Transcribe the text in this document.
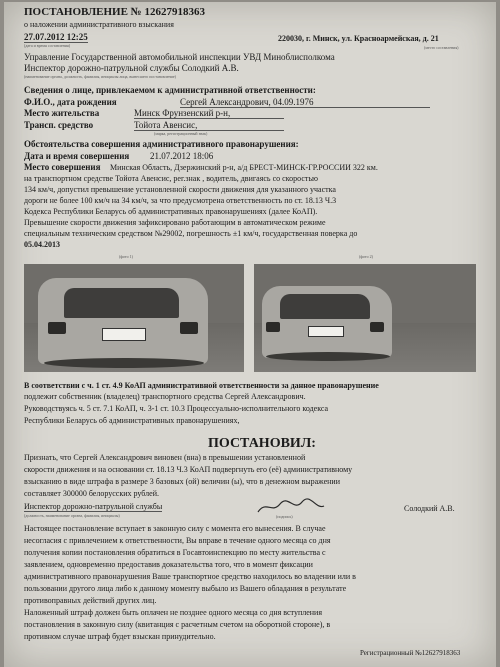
ПОСТАНОВЛЕНИЕ № 12627918363
о наложении административного взыскания
27.07.2012 12:25
(дата и время составления)
220030, г. Минск, ул. Красноармейская, д. 21
(место составления)
Управление Государственной автомобильной инспекции УВД Миноблисполкома
Инспектор дорожно-патрульной службы Солодкий А.В.
(наименование органа, должность, фамилия, инициалы лица, вынесшего постановление)
Сведения о лице, привлекаемом к административной ответственности:
Ф.И.О., дата рождения	Сергей Александрович, 04.09.1976
Место жительства	Минск Фрунзенский р-н,
Трансп. средство	Тойота Авенсис,
(марка, регистрационный знак)
Обстоятельства совершения административного правонарушения:
Дата и время совершения 21.07.2012 18:06
Место совершения Минская Область, Дзержинский р-н, а/д БРЕСТ-МИНСК-ГР.РОССИИ 322 км.
на транспортном средстве Тойота Авенсис, рег.знак , водитель, двигаясь со скоростью
134 км/ч, допустил превышение установленной скорости движения для указанного участка
дороги не более 100 км/ч на 34 км/ч, за что предусмотрена ответственность по ст. 18.13 Ч.3
Кодекса Республики Беларусь об административных правонарушениях (далее КоАП).
Превышение скорости движения зафиксировано работающим в автоматическом режиме
специальным техническим средством №29002, погрешность ±1 км/ч, государственная поверка до
05.04.2013
(фото 1)	(фото 2)
В соответствии с ч. 1 ст. 4.9 КоАП административной ответственности за данное правонарушение
подлежит собственник (владелец) транспортного средства Сергей Александрович.
Руководствуясь ч. 5 ст. 7.1 КоАП, ч. 3-1 ст. 10.3 Процессуально-исполнительного кодекса
Республики Беларусь об административных правонарушениях,
ПОСТАНОВИЛ:
Признать, что Сергей Александрович виновен (вна) в превышении установленной
скорости движения и на основании ст. 18.13 Ч.3 КоАП подвергнуть его (её) административному
взысканию в виде штрафа в размере 3 базовых (ой) величин (ы), что в денежном выражении
составляет 300000 белорусских рублей.
Инспектор дорожно-патрульной службы
(должность, наименование органа, фамилия, инициалы)	(подпись)
Солодкий А.В.
Настоящее постановление вступает в законную силу с момента его вынесения. В случае
несогласия с привлечением к ответственности, Вы вправе в течение одного месяца со дня
получения копии постановления обратиться в Госавтоинспекцию по месту жительства с
заявлением, одновременно предоставив доказательства того, что в момент фиксации
административного правонарушения Ваше транспортное средство находилось во владении или в
пользовании другого лица либо к данному моменту выбыло из Вашего обладания в результате
противоправных действий других лиц.
Наложенный штраф должен быть оплачен не позднее одного месяца со дня вступления
постановления в законную силу (квитанция с расчетным счетом на оборотной стороне), в
противном случае штраф будет взыскан принудительно.
Регистрационный №12627918363
